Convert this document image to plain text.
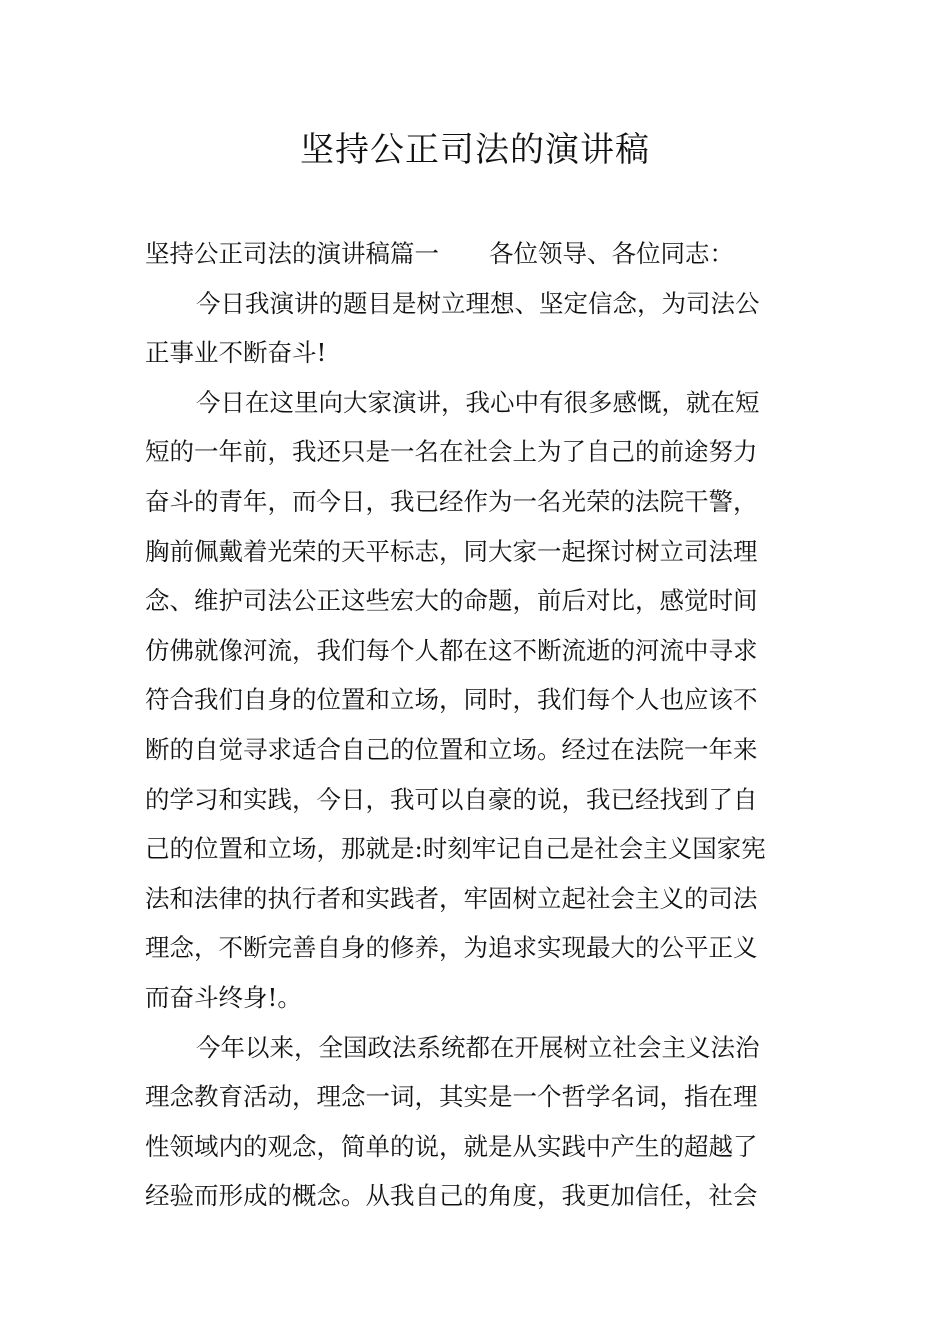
坚持公正司法的演讲稿
坚持公正司法的演讲稿篇一 各位领导、各位同志：
今日我演讲的题目是树立理想、坚定信念，为司法公
正事业不断奋斗!
今日在这里向大家演讲，我心中有很多感慨，就在短
短的一年前，我还只是一名在社会上为了自己的前途努力
奋斗的青年，而今日，我已经作为一名光荣的法院干警，
胸前佩戴着光荣的天平标志，同大家一起探讨树立司法理
念、维护司法公正这些宏大的命题，前后对比，感觉时间
仿佛就像河流，我们每个人都在这不断流逝的河流中寻求
符合我们自身的位置和立场，同时，我们每个人也应该不
断的自觉寻求适合自己的位置和立场。经过在法院一年来
的学习和实践，今日，我可以自豪的说，我已经找到了自
己的位置和立场，那就是:时刻牢记自己是社会主义国家宪
法和法律的执行者和实践者，牢固树立起社会主义的司法
理念，不断完善自身的修养，为追求实现最大的公平正义
而奋斗终身!。
今年以来，全国政法系统都在开展树立社会主义法治
理念教育活动，理念一词，其实是一个哲学名词，指在理
性领域内的观念，简单的说，就是从实践中产生的超越了
经验而形成的概念。从我自己的角度，我更加信任，社会
